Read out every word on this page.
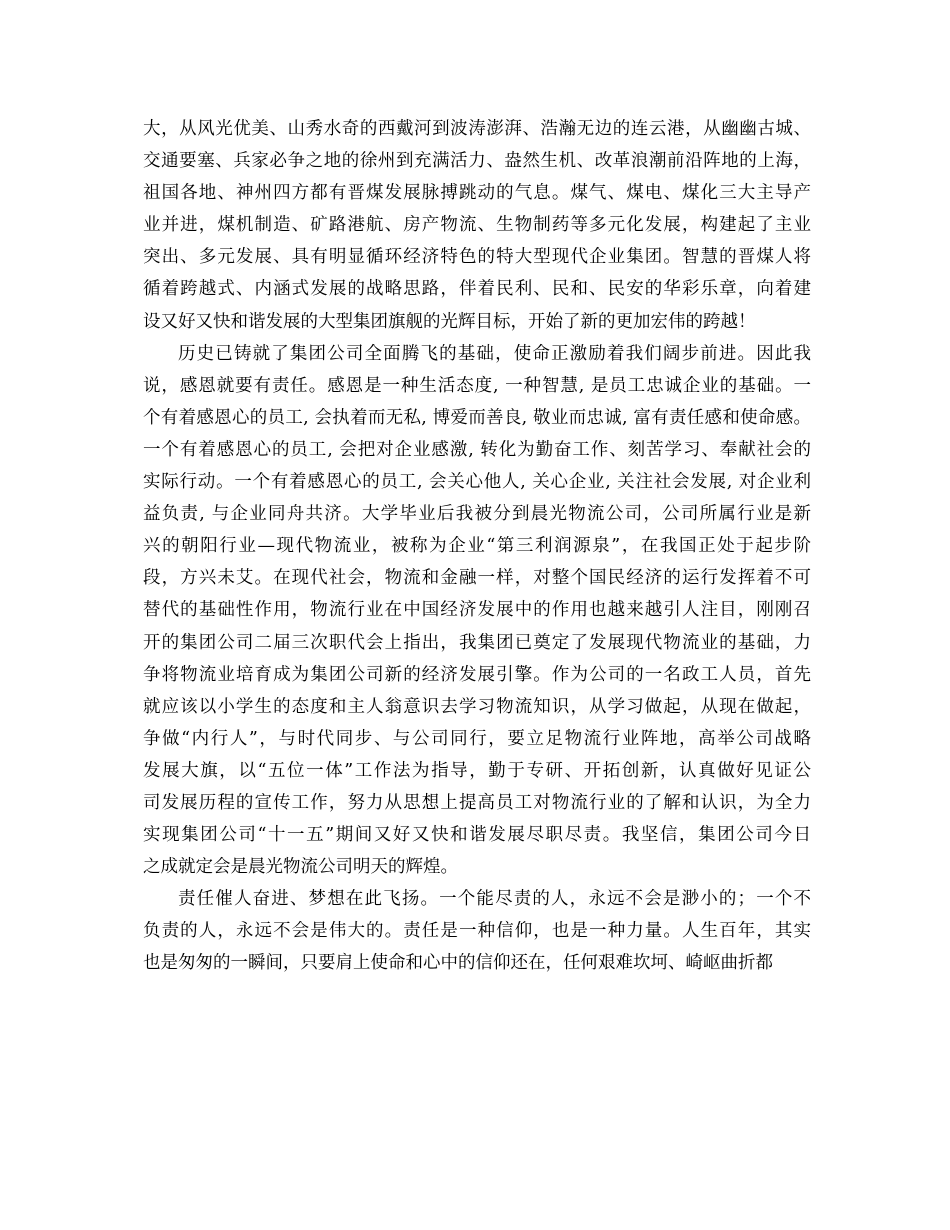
大，从风光优美、山秀水奇的西戴河到波涛澎湃、浩瀚无边的连云港，从幽幽古城、
交通要塞、兵家必争之地的徐州到充满活力、盎然生机、改革浪潮前沿阵地的上海，
祖国各地、神州四方都有晋煤发展脉搏跳动的气息。煤气、煤电、煤化三大主导产
业并进，煤机制造、矿路港航、房产物流、生物制药等多元化发展，构建起了主业
突出、多元发展、具有明显循环经济特色的特大型现代企业集团。智慧的晋煤人将
循着跨越式、内涵式发展的战略思路，伴着民利、民和、民安的华彩乐章，向着建
设又好又快和谐发展的大型集团旗舰的光辉目标，开始了新的更加宏伟的跨越！
历史已铸就了集团公司全面腾飞的基础，使命正激励着我们阔步前进。因此我
说，感恩就要有责任。感恩是一种生活态度, 一种智慧, 是员工忠诚企业的基础。一
个有着感恩心的员工, 会执着而无私, 博爱而善良, 敬业而忠诚, 富有责任感和使命感。
一个有着感恩心的员工, 会把对企业感激, 转化为勤奋工作、刻苦学习、奉献社会的
实际行动。一个有着感恩心的员工, 会关心他人, 关心企业, 关注社会发展, 对企业利
益负责, 与企业同舟共济。大学毕业后我被分到晨光物流公司，公司所属行业是新
兴的朝阳行业—现代物流业，被称为企业“第三利润源泉”，在我国正处于起步阶
段，方兴未艾。在现代社会，物流和金融一样，对整个国民经济的运行发挥着不可
替代的基础性作用，物流行业在中国经济发展中的作用也越来越引人注目，刚刚召
开的集团公司二届三次职代会上指出，我集团已奠定了发展现代物流业的基础，力
争将物流业培育成为集团公司新的经济发展引擎。作为公司的一名政工人员，首先
就应该以小学生的态度和主人翁意识去学习物流知识，从学习做起，从现在做起，
争做“内行人”，与时代同步、与公司同行，要立足物流行业阵地，高举公司战略
发展大旗，以“五位一体”工作法为指导，勤于专研、开拓创新，认真做好见证公
司发展历程的宣传工作，努力从思想上提高员工对物流行业的了解和认识，为全力
实现集团公司“十一五”期间又好又快和谐发展尽职尽责。我坚信，集团公司今日
之成就定会是晨光物流公司明天的辉煌。
责任催人奋进、梦想在此飞扬。一个能尽责的人，永远不会是渺小的；一个不
负责的人，永远不会是伟大的。责任是一种信仰，也是一种力量。人生百年，其实
也是匆匆的一瞬间，只要肩上使命和心中的信仰还在，任何艰难坎坷、崎岖曲折都
